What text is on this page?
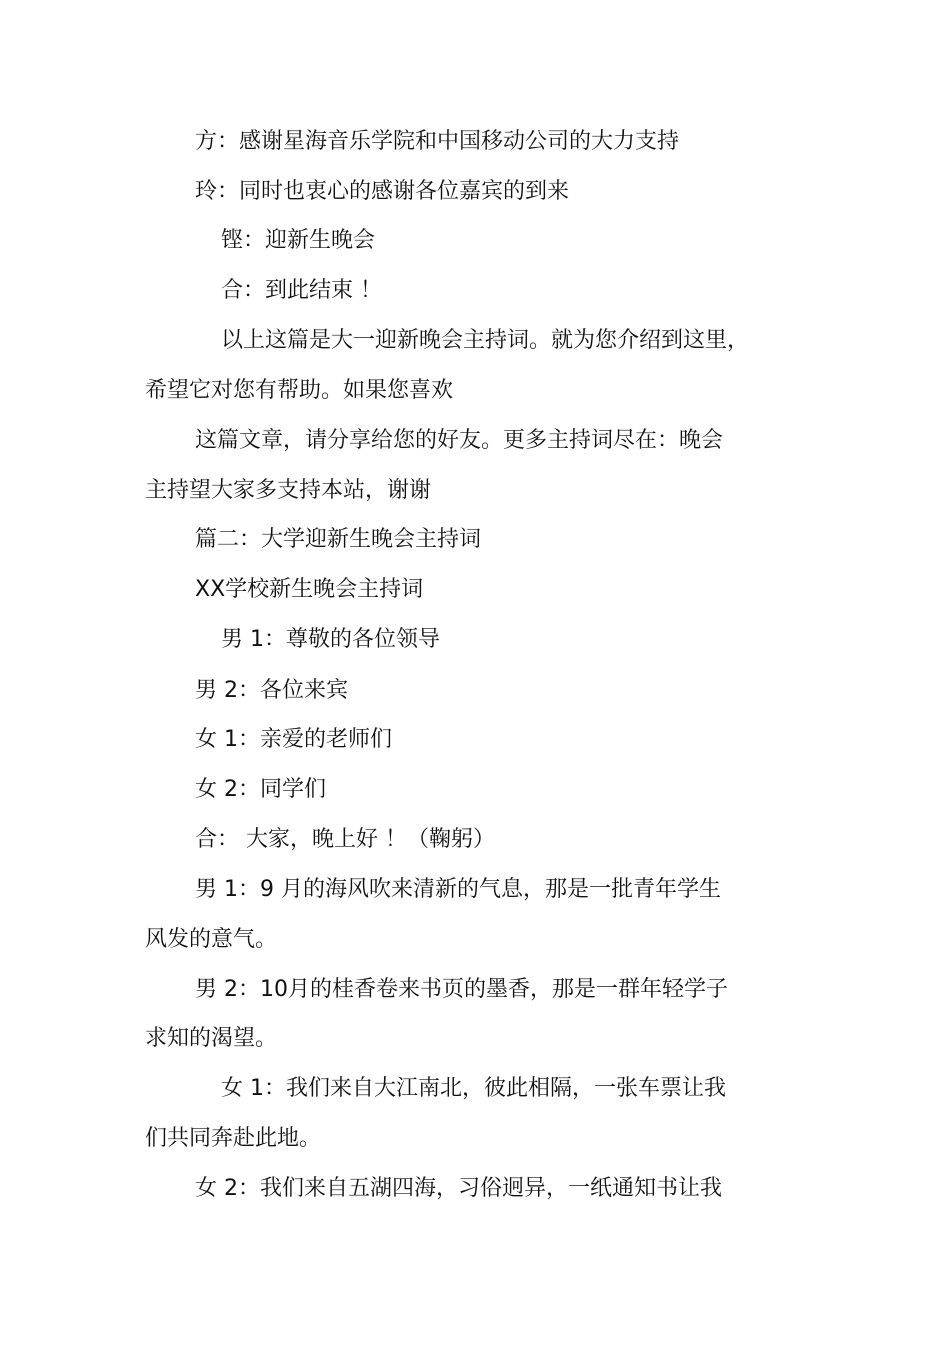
方：感谢星海音乐学院和中国移动公司的大力支持
玲：同时也衷心的感谢各位嘉宾的到来
铿：迎新生晚会
合：到此结束 ！
以上这篇是大一迎新晚会主持词。就为您介绍到这里，
希望它对您有帮助。如果您喜欢
这篇文章，请分享给您的好友。更多主持词尽在：晚会
主持望大家多支持本站，谢谢
篇二：大学迎新生晚会主持词
XX学校新生晚会主持词
男 1：尊敬的各位领导
男 2：各位来宾
女 1：亲爱的老师们
女 2：同学们
合： 大家，晚上好 ！（鞠躬）
男 1：9 月的海风吹来清新的气息，那是一批青年学生
风发的意气。
男 2：10月的桂香卷来书页的墨香，那是一群年轻学子
求知的渴望。
女 1：我们来自大江南北，彼此相隔，一张车票让我
们共同奔赴此地。
女 2：我们来自五湖四海，习俗迥异，一纸通知书让我
